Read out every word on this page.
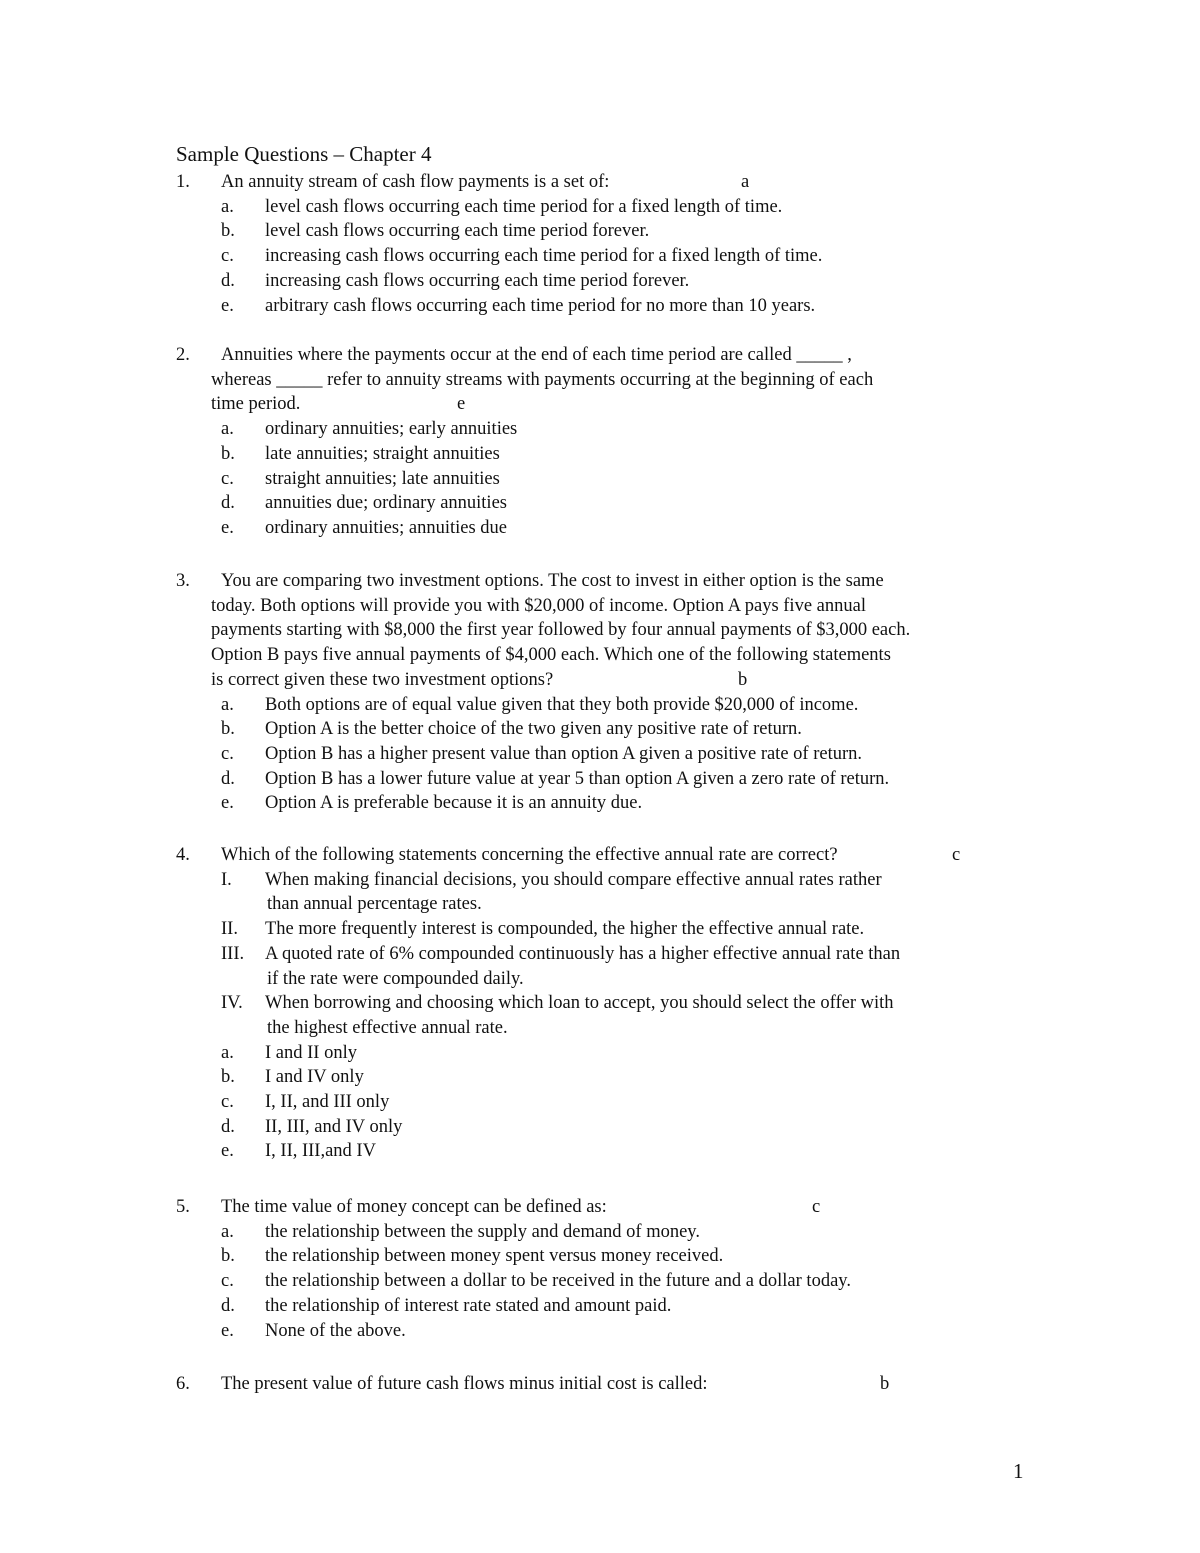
Sample Questions – Chapter 4
1. An annuity stream of cash flow payments is a set of:	a
a. level cash flows occurring each time period for a fixed length of time.
b. level cash flows occurring each time period forever.
c. increasing cash flows occurring each time period for a fixed length of time.
d. increasing cash flows occurring each time period forever.
e. arbitrary cash flows occurring each time period for no more than 10 years.
2. Annuities where the payments occur at the end of each time period are called _____ ,
whereas _____ refer to annuity streams with payments occurring at the beginning of each
time period.	e
a. ordinary annuities; early annuities
b. late annuities; straight annuities
c. straight annuities; late annuities
d. annuities due; ordinary annuities
e. ordinary annuities; annuities due
3. You are comparing two investment options. The cost to invest in either option is the same
today. Both options will provide you with $20,000 of income. Option A pays five annual
payments starting with $8,000 the first year followed by four annual payments of $3,000 each.
Option B pays five annual payments of $4,000 each. Which one of the following statements
is correct given these two investment options?	b
a. Both options are of equal value given that they both provide $20,000 of income.
b. Option A is the better choice of the two given any positive rate of return.
c. Option B has a higher present value than option A given a positive rate of return.
d. Option B has a lower future value at year 5 than option A given a zero rate of return.
e. Option A is preferable because it is an annuity due.
4. Which of the following statements concerning the effective annual rate are correct?	c
I. When making financial decisions, you should compare effective annual rates rather
than annual percentage rates.
II. The more frequently interest is compounded, the higher the effective annual rate.
III. A quoted rate of 6% compounded continuously has a higher effective annual rate than
if the rate were compounded daily.
IV. When borrowing and choosing which loan to accept, you should select the offer with
the highest effective annual rate.
a. I and II only
b. I and IV only
c. I, II, and III only
d. II, III, and IV only
e. I, II, III,and IV
5. The time value of money concept can be defined as:	c
a. the relationship between the supply and demand of money.
b. the relationship between money spent versus money received.
c. the relationship between a dollar to be received in the future and a dollar today.
d. the relationship of interest rate stated and amount paid.
e. None of the above.
6. The present value of future cash flows minus initial cost is called:	b
1
